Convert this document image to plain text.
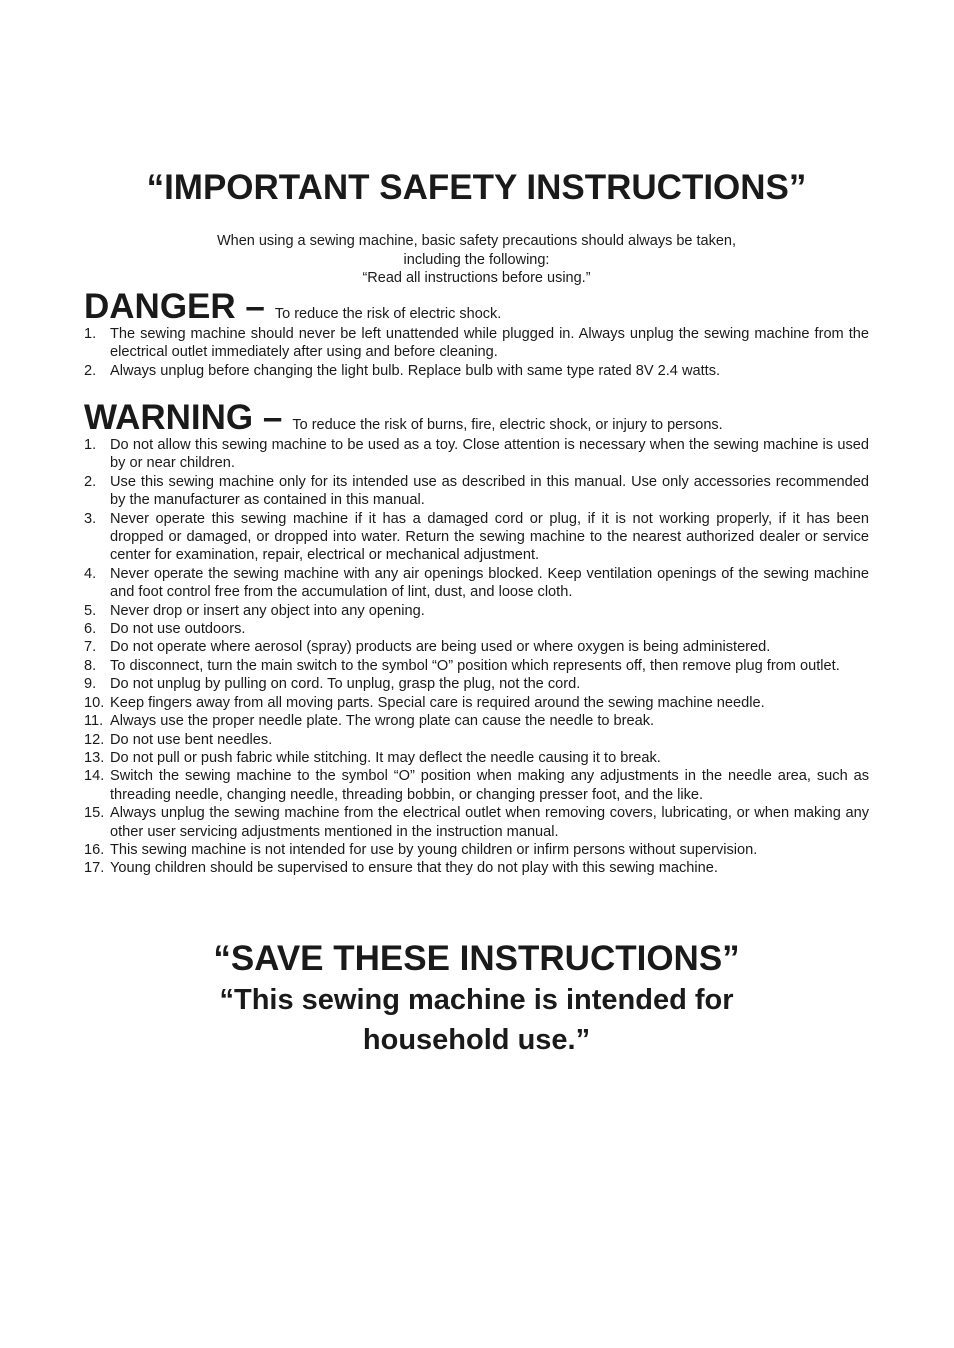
“IMPORTANT SAFETY INSTRUCTIONS”
When using a sewing machine, basic safety precautions should always be taken,
including the following:
“Read all instructions before using.”
DANGER – To reduce the risk of electric shock.
1. The sewing machine should never be left unattended while plugged in. Always unplug the sewing machine from the electrical outlet immediately after using and before cleaning.
2. Always unplug before changing the light bulb. Replace bulb with same type rated 8V 2.4 watts.
WARNING – To reduce the risk of burns, fire, electric shock, or injury to persons.
1. Do not allow this sewing machine to be used as a toy. Close attention is necessary when the sewing machine is used by or near children.
2. Use this sewing machine only for its intended use as described in this manual. Use only accessories recommended by the manufacturer as contained in this manual.
3. Never operate this sewing machine if it has a damaged cord or plug, if it is not working properly, if it has been dropped or damaged, or dropped into water. Return the sewing machine to the nearest authorized dealer or service center for examination, repair, electrical or mechanical adjustment.
4. Never operate the sewing machine with any air openings blocked. Keep ventilation openings of the sewing machine and foot control free from the accumulation of lint, dust, and loose cloth.
5. Never drop or insert any object into any opening.
6. Do not use outdoors.
7. Do not operate where aerosol (spray) products are being used or where oxygen is being administered.
8. To disconnect, turn the main switch to the symbol “O” position which represents off, then remove plug from outlet.
9. Do not unplug by pulling on cord. To unplug, grasp the plug, not the cord.
10. Keep fingers away from all moving parts. Special care is required around the sewing machine needle.
11. Always use the proper needle plate. The wrong plate can cause the needle to break.
12. Do not use bent needles.
13. Do not pull or push fabric while stitching. It may deflect the needle causing it to break.
14. Switch the sewing machine to the symbol “O” position when making any adjustments in the needle area, such as threading needle, changing needle, threading bobbin, or changing presser foot, and the like.
15. Always unplug the sewing machine from the electrical outlet when removing covers, lubricating, or when making any other user servicing adjustments mentioned in the instruction manual.
16. This sewing machine is not intended for use by young children or infirm persons without supervision.
17. Young children should be supervised to ensure that they do not play with this sewing machine.
“SAVE THESE INSTRUCTIONS”
“This sewing machine is intended for
household use.”
